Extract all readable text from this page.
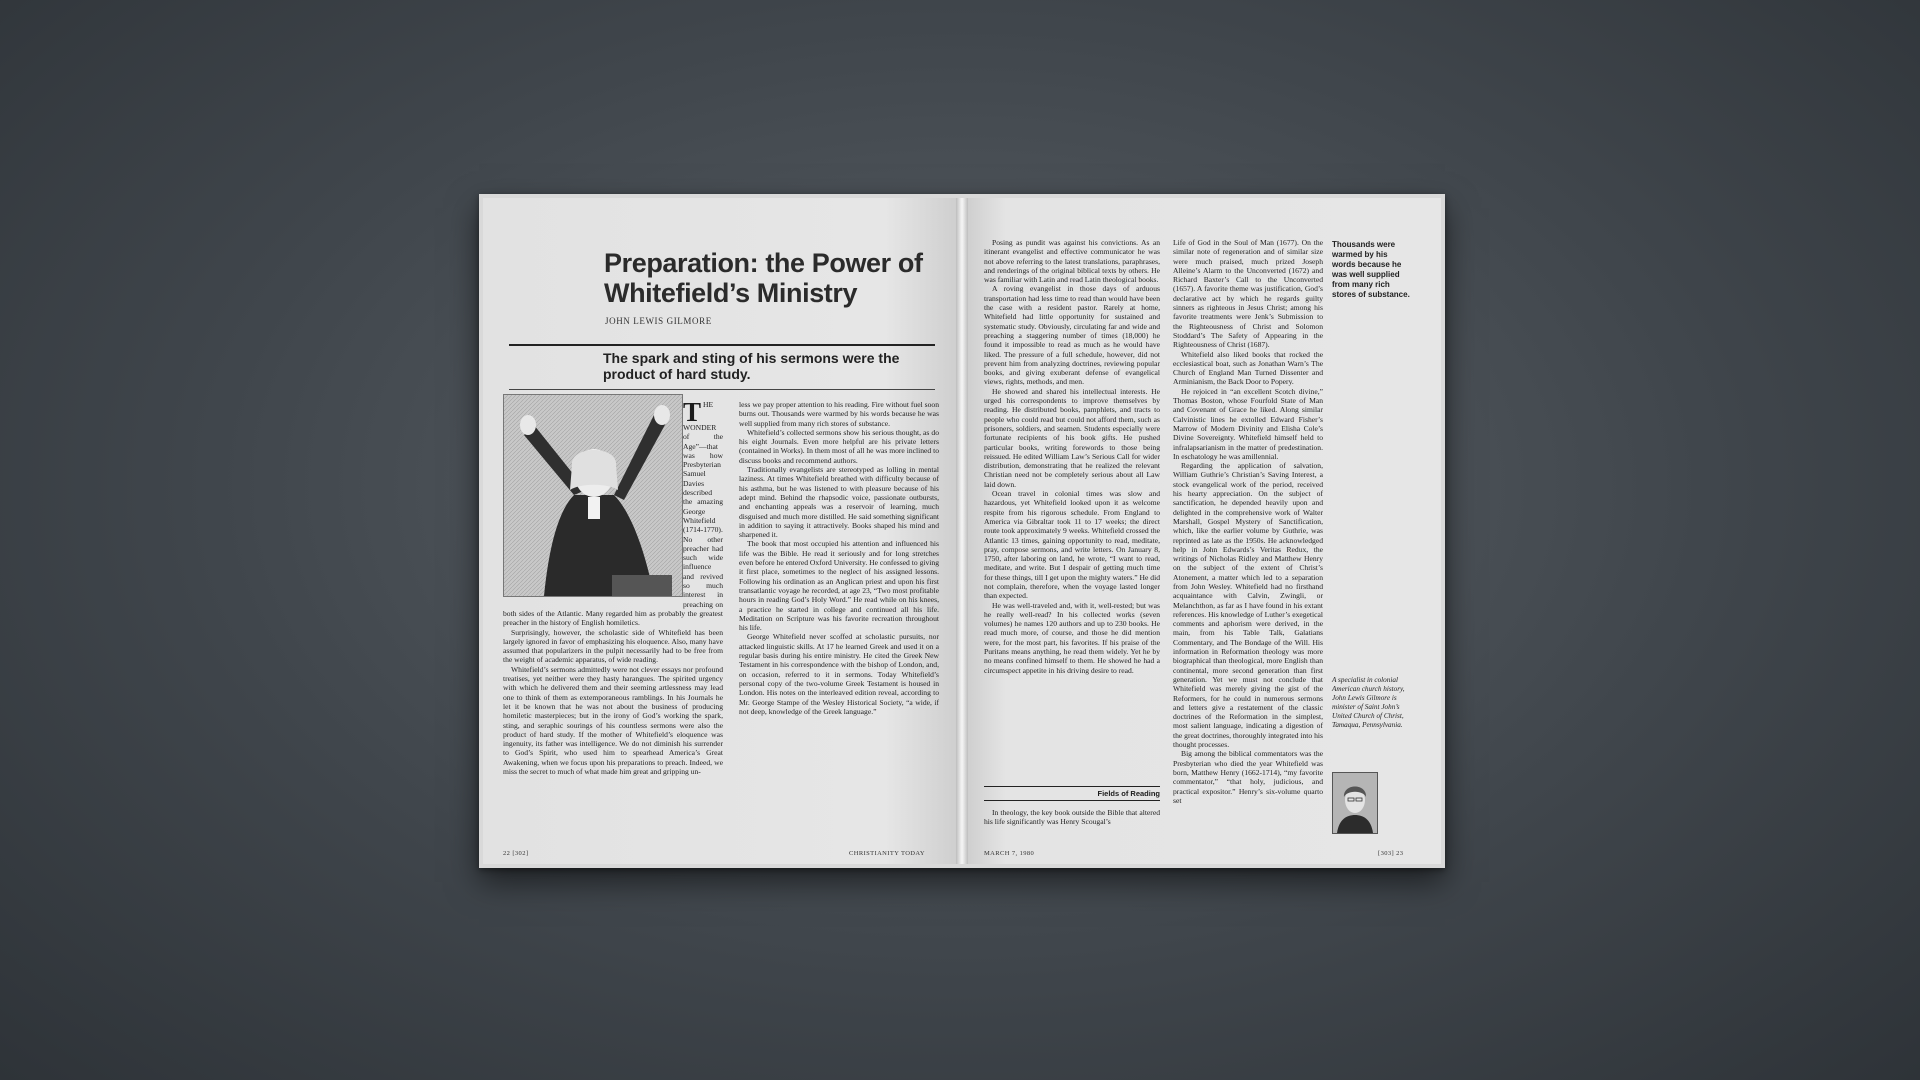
Preparation: the Power of Whitefield’s Ministry
JOHN LEWIS GILMORE
The spark and sting of his sermons were the product of hard study.

THE WONDER of the Age”—that was how Presbyterian Samuel Davies described the amazing George Whitefield (1714-1770). No other preacher had such wide influence and revived so much interest in preaching on both sides of the Atlantic. Many regarded him as probably the greatest preacher in the history of English homiletics.

Surprisingly, however, the scholastic side of Whitefield has been largely ignored in favor of emphasizing his eloquence. Also, many have assumed that popularizers in the pulpit necessarily had to be free from the weight of academic apparatus, of wide reading.

Whitefield’s sermons admittedly were not clever essays nor profound treatises, yet neither were they hasty harangues. The spirited urgency with which he delivered them and their seeming artlessness may lead one to think of them as extemporaneous ramblings. In his Journals he let it be known that he was not about the business of producing homiletic masterpieces; but in the irony of God’s working the spark, sting, and seraphic sourings of his countless sermons were also the product of hard study. If the mother of Whitefield’s eloquence was ingenuity, its father was intelligence. We do not diminish his surrender to God’s Spirit, who used him to spearhead America’s Great Awakening, when we focus upon his preparations to preach. Indeed, we miss the secret to much of what made him great and gripping un-

less we pay proper attention to his reading. Fire without fuel soon burns out. Thousands were warmed by his words because he was well supplied from many rich stores of substance.

Whitefield’s collected sermons show his serious thought, as do his eight Journals. Even more helpful are his private letters (contained in Works). In them most of all he was more inclined to discuss books and recommend authors.

Traditionally evangelists are stereotyped as lolling in mental laziness. At times Whitefield breathed with difficulty because of his asthma, but he was listened to with pleasure because of his adept mind. Behind the rhapsodic voice, passionate outbursts, and enchanting appeals was a reservoir of learning, much disguised and much more distilled. He said something significant in addition to saying it attractively. Books shaped his mind and sharpened it.

The book that most occupied his attention and influenced his life was the Bible. He read it seriously and for long stretches even before he entered Oxford University. He confessed to giving it first place, sometimes to the neglect of his assigned lessons. Following his ordination as an Anglican priest and upon his first transatlantic voyage he recorded, at age 23, “Two most profitable hours in reading God’s Holy Word.” He read while on his knees, a practice he started in college and continued all his life. Meditation on Scripture was his favorite recreation throughout his life.

George Whitefield never scoffed at scholastic pursuits, nor attacked linguistic skills. At 17 he learned Greek and used it on a regular basis during his entire ministry. He cited the Greek New Testament in his correspondence with the bishop of London, and, on occasion, referred to it in sermons. Today Whitefield’s personal copy of the two-volume Greek Testament is housed in London. His notes on the interleaved edition reveal, according to Mr. George Stampe of the Wesley Historical Society, “a wide, if not deep, knowledge of the Greek language.”

22 [302]	CHRISTIANITY TODAY

Posing as pundit was against his convictions. As an itinerant evangelist and effective communicator he was not above referring to the latest translations, paraphrases, and renderings of the original biblical texts by others. He was familiar with Latin and read Latin theological books.

A roving evangelist in those days of arduous transportation had less time to read than would have been the case with a resident pastor. Rarely at home, Whitefield had little opportunity for sustained and systematic study. Obviously, circulating far and wide and preaching a staggering number of times (18,000) he found it impossible to read as much as he would have liked. The pressure of a full schedule, however, did not prevent him from analyzing doctrines, reviewing popular books, and giving exuberant defense of evangelical views, rights, methods, and men.

He showed and shared his intellectual interests. He urged his correspondents to improve themselves by reading. He distributed books, pamphlets, and tracts to people who could read but could not afford them, such as prisoners, soldiers, and seamen. Students especially were fortunate recipients of his book gifts. He pushed particular books, writing forewords to those being reissued. He edited William Law’s Serious Call for wider distribution, demonstrating that he realized the relevant Christian need not be completely serious about all Law laid down.

Ocean travel in colonial times was slow and hazardous, yet Whitefield looked upon it as welcome respite from his rigorous schedule. From England to America via Gibraltar took 11 to 17 weeks; the direct route took approximately 9 weeks. Whitefield crossed the Atlantic 13 times, gaining opportunity to read, meditate, pray, compose sermons, and write letters. On January 8, 1750, after laboring on land, he wrote, “I want to read, meditate, and write. But I despair of getting much time for these things, till I get upon the mighty waters.” He did not complain, therefore, when the voyage lasted longer than expected.

He was well-traveled and, with it, well-rested; but was he really well-read? In his collected works (seven volumes) he names 120 authors and up to 230 books. He read much more, of course, and those he did mention were, for the most part, his favorites. If his praise of the Puritans means anything, he read them widely. Yet he by no means confined himself to them. He showed he had a circumspect appetite in his driving desire to read.

Fields of Reading

In theology, the key book outside the Bible that altered his life significantly was Henry Scougal’s

Life of God in the Soul of Man (1677). On the similar note of regeneration and of similar size were much praised, much prized Joseph Alleine’s Alarm to the Unconverted (1672) and Richard Baxter’s Call to the Unconverted (1657). A favorite theme was justification, God’s declarative act by which he regards guilty sinners as righteous in Jesus Christ; among his favorite treatments were Jenk’s Submission to the Righteousness of Christ and Solomon Stoddard’s The Safety of Appearing in the Righteousness of Christ (1687).

Whitefield also liked books that rocked the ecclesiastical boat, such as Jonathan Warn’s The Church of England Man Turned Dissenter and Arminianism, the Back Door to Popery.

He rejoiced in “an excellent Scotch divine,” Thomas Boston, whose Fourfold State of Man and Covenant of Grace he liked. Along similar Calvinistic lines he extolled Edward Fisher’s Marrow of Modern Divinity and Elisha Cole’s Divine Sovereignty. Whitefield himself held to infralapsarianism in the matter of predestination. In eschatology he was amillennial.

Regarding the application of salvation, William Guthrie’s Christian’s Saving Interest, a stock evangelical work of the period, received his hearty appreciation. On the subject of sanctification, he depended heavily upon and delighted in the comprehensive work of Walter Marshall, Gospel Mystery of Sanctification, which, like the earlier volume by Guthrie, was reprinted as late as the 1950s. He acknowledged help in John Edwards’s Veritas Redux, the writings of Nicholas Ridley and Matthew Henry on the subject of the extent of Christ’s Atonement, a matter which led to a separation from John Wesley. Whitefield had no firsthand acquaintance with Calvin, Zwingli, or Melanchthon, as far as I have found in his extant references. His knowledge of Luther’s exegetical comments and aphorism were derived, in the main, from his Table Talk, Galatians Commentary, and The Bondage of the Will. His information in Reformation theology was more biographical than theological, more English than continental, more second generation than first generation. Yet we must not conclude that Whitefield was merely giving the gist of the Reformers, for he could in numerous sermons and letters give a restatement of the classic doctrines of the Reformation in the simplest, most salient language, indicating a digestion of the great doctrines, thoroughly integrated into his thought processes.

Big among the biblical commentators was the Presbyterian who died the year Whitefield was born, Matthew Henry (1662-1714), “my favorite commentator,” “that holy, judicious, and practical expositor.” Henry’s six-volume quarto set

Thousands were warmed by his words because he was well supplied from many rich stores of substance.

A specialist in colonial American church history, John Lewis Gilmore is minister of Saint John’s United Church of Christ, Tamaqua, Pennsylvania.

MARCH 7, 1980	[303] 23
